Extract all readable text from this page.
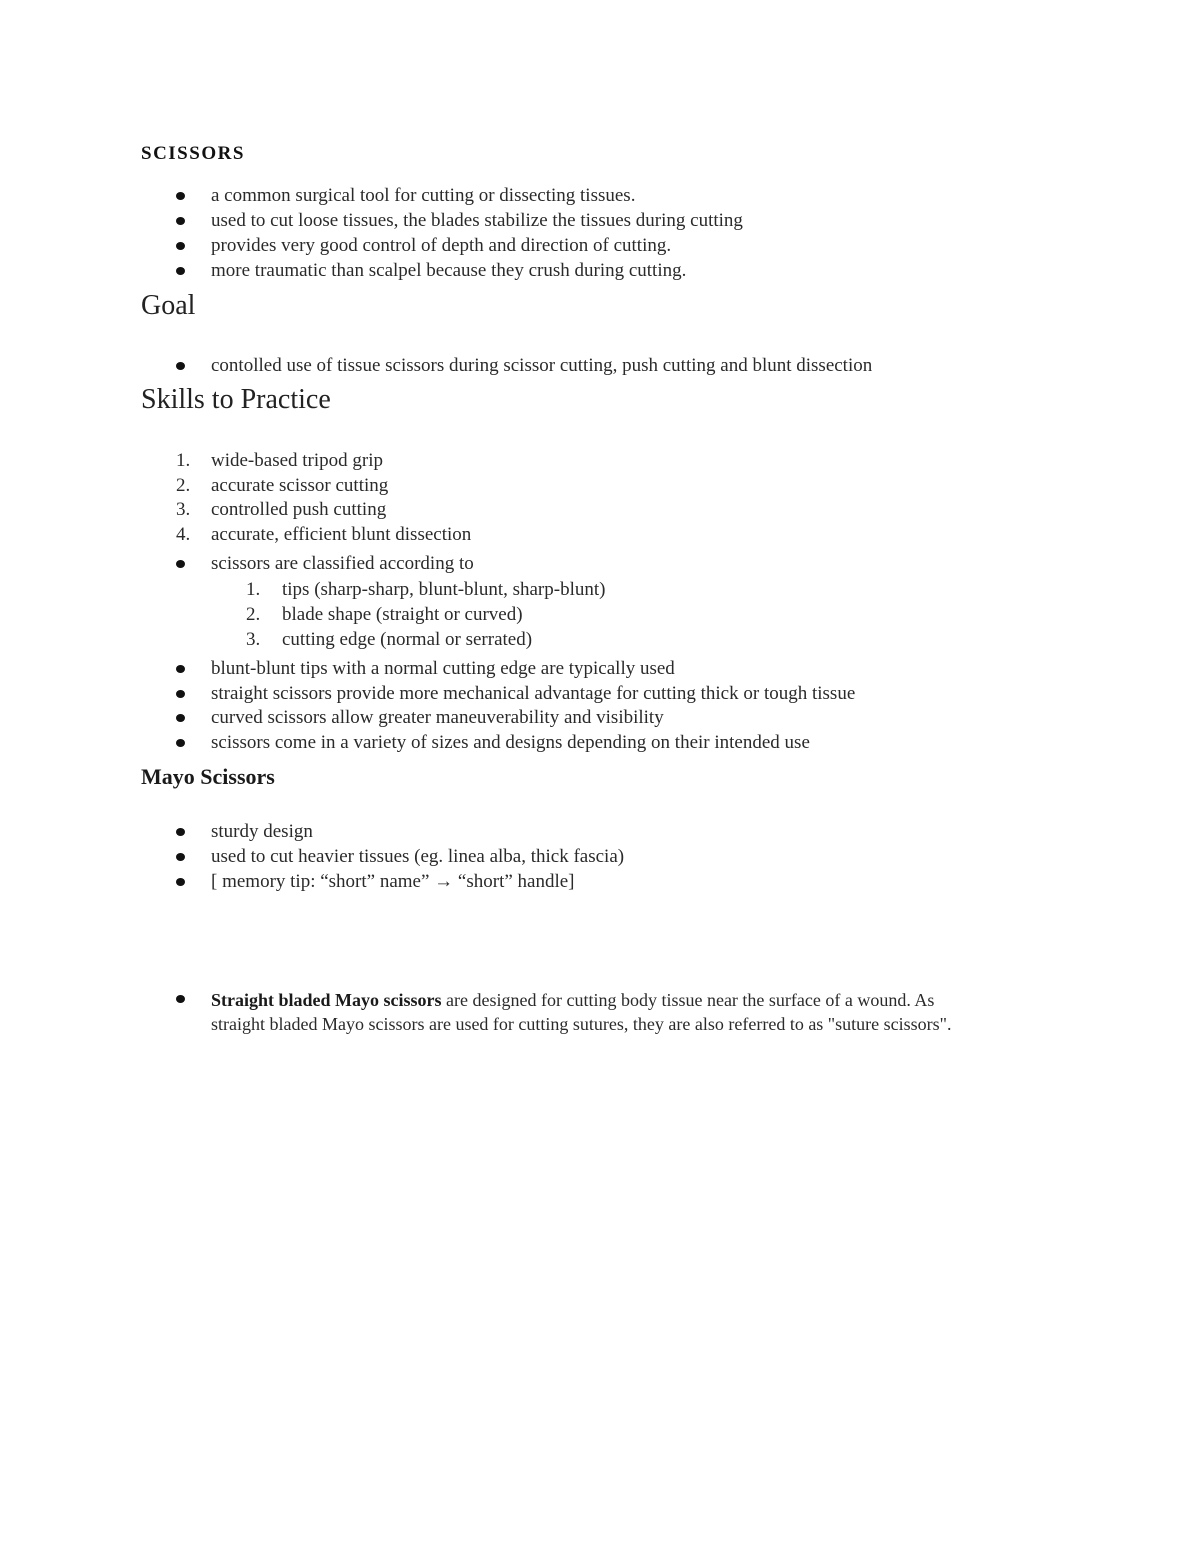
SCISSORS
a common surgical tool for cutting or dissecting tissues.
used to cut loose tissues, the blades stabilize the tissues during cutting
provides very good control of depth and direction of cutting.
more traumatic than scalpel because they crush during cutting.
Goal
contolled use of tissue scissors during scissor cutting, push cutting and blunt dissection
Skills to Practice
1. wide-based tripod grip
2. accurate scissor cutting
3. controlled push cutting
4. accurate, efficient blunt dissection
scissors are classified according to
1. tips (sharp-sharp, blunt-blunt, sharp-blunt)
2. blade shape (straight or curved)
3. cutting edge (normal or serrated)
blunt-blunt tips with a normal cutting edge are typically used
straight scissors provide more mechanical advantage for cutting thick or tough tissue
curved scissors allow greater maneuverability and visibility
scissors come in a variety of sizes and designs depending on their intended use
Mayo Scissors
sturdy design
used to cut heavier tissues (eg. linea alba, thick fascia)
[ memory tip: “short” name” → “short” handle]
Straight bladed Mayo scissors are designed for cutting body tissue near the surface of a wound. As
straight bladed Mayo scissors are used for cutting sutures, they are also referred to as "suture scissors".
